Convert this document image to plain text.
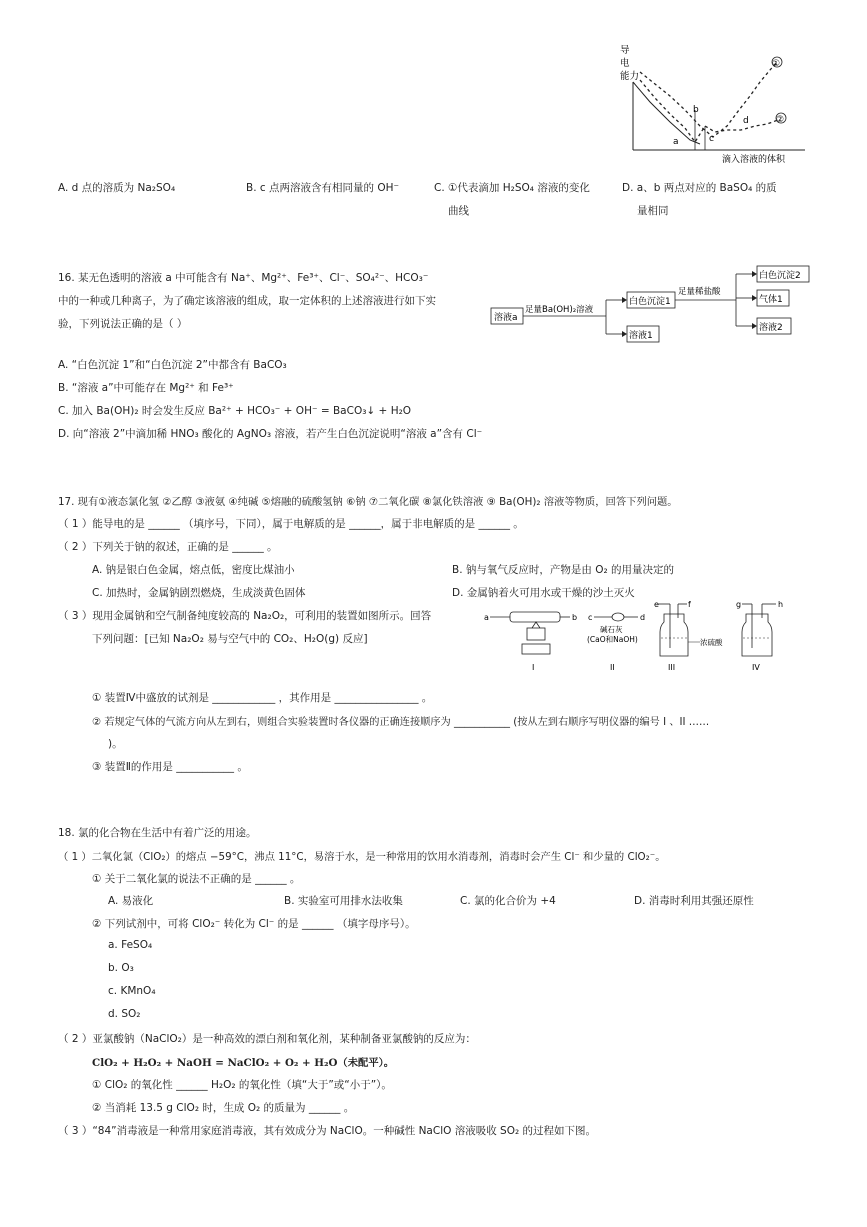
导
电
能力
①
②
a
b
c
d
滴入溶液的体积
A. d 点的溶质为 Na₂SO₄	B. c 点两溶液含有相同量的 OH⁻	C. ①代表滴加 H₂SO₄ 溶液的变化
曲线
D. a、b 两点对应的 BaSO₄ 的质
量相同
16. 某无色透明的溶液 a 中可能含有 Na⁺、Mg²⁺、Fe³⁺、Cl⁻、SO₄²⁻、HCO₃⁻
中的一种或几种离子，为了确定该溶液的组成，取一定体积的上述溶液进行如下实
验，下列说法正确的是（ ）	溶液a
足量Ba(OH)₂溶液
白色沉淀1
溶液1
足量稀盐酸
白色沉淀2
气体1
溶液2
A. “白色沉淀 1”和“白色沉淀 2”中都含有 BaCO₃
B. “溶液 a”中可能存在 Mg²⁺ 和 Fe³⁺
C. 加入 Ba(OH)₂ 时会发生反应 Ba²⁺ + HCO₃⁻ + OH⁻ = BaCO₃↓ + H₂O
D. 向“溶液 2”中滴加稀 HNO₃ 酸化的 AgNO₃ 溶液，若产生白色沉淀说明“溶液 a”含有 Cl⁻
17. 现有①液态氯化氢 ②乙醇 ③液氨 ④纯碱 ⑤熔融的硫酸氢钠 ⑥钠 ⑦二氧化碳 ⑧氯化铁溶液 ⑨ Ba(OH)₂ 溶液等物质，回答下列问题。
（ 1 ）能导电的是 ______ （填序号，下同），属于电解质的是 ______，属于非电解质的是 ______ 。
（ 2 ）下列关于钠的叙述，正确的是 ______ 。
A. 钠是银白色金属，熔点低，密度比煤油小	B. 钠与氧气反应时，产物是由 O₂ 的用量决定的
C. 加热时，金属钠剧烈燃烧，生成淡黄色固体	D. 金属钠着火可用水或干燥的沙土灭火
（ 3 ）现用金属钠和空气制备纯度较高的 Na₂O₂，可利用的装置如图所示。回答
下列问题：[已知 Na₂O₂ 易与空气中的 CO₂、H₂O(g) 反应]
a	b
I
c	d
碱石灰
(CaO和NaOH)
II
e	f
浓硫酸
III
g	h
IV
① 装置Ⅳ中盛放的试剂是 ____________ ，其作用是 ________________ 。
② 若规定气体的气流方向从左到右，则组合实验装置时各仪器的正确连接顺序为 ___________ (按从左到右顺序写明仪器的编号 I 、II ……
)。
③ 装置Ⅱ的作用是 ___________ 。
18. 氯的化合物在生活中有着广泛的用途。
（ 1 ）二氧化氯（ClO₂）的熔点 −59°C，沸点 11°C，易溶于水，是一种常用的饮用水消毒剂，消毒时会产生 Cl⁻ 和少量的 ClO₂⁻。
① 关于二氧化氯的说法不正确的是 ______ 。
A. 易液化	B. 实验室可用排水法收集	C. 氯的化合价为 +4	D. 消毒时利用其强还原性
② 下列试剂中，可将 ClO₂⁻ 转化为 Cl⁻ 的是 ______ （填字母序号）。
a. FeSO₄
b. O₃
c. KMnO₄
d. SO₂
（ 2 ）亚氯酸钠（NaClO₂）是一种高效的漂白剂和氧化剂，某种制备亚氯酸钠的反应为：
ClO₂ + H₂O₂ + NaOH = NaClO₂ + O₂ + H₂O（未配平）。
① ClO₂ 的氧化性 ______ H₂O₂ 的氧化性（填“大于”或“小于”）。
② 当消耗 13.5 g ClO₂ 时，生成 O₂ 的质量为 ______ 。
（ 3 ）“84”消毒液是一种常用家庭消毒液，其有效成分为 NaClO。一种碱性 NaClO 溶液吸收 SO₂ 的过程如下图。
